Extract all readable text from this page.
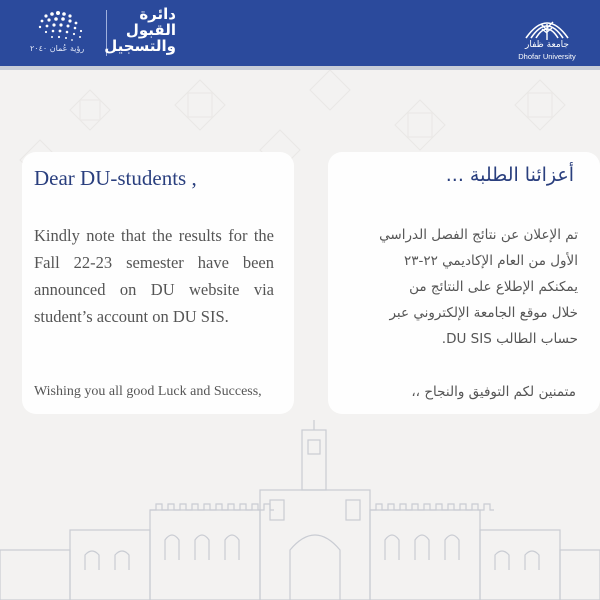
رؤية عُمان ٢٠٤٠
دائرة
القبول
والتسجيل	جامعة ظفار
Dhofar University
Dear DU-students ,
Kindly note that the results for the Fall 22-23 semester have been announced on DU website via student’s account on DU SIS.
Wishing you all good Luck and Success,
أعزائنا الطلبة ...
تم الإعلان عن نتائج الفصل الدراسي
الأول من العام الإكاديمي ٢٢-٢٣
يمكنكم الإطلاع على النتائج من
خلال موقع الجامعة الإلكتروني عبر
حساب الطالب DU SIS.
متمنين لكم التوفيق والنجاح ،،
